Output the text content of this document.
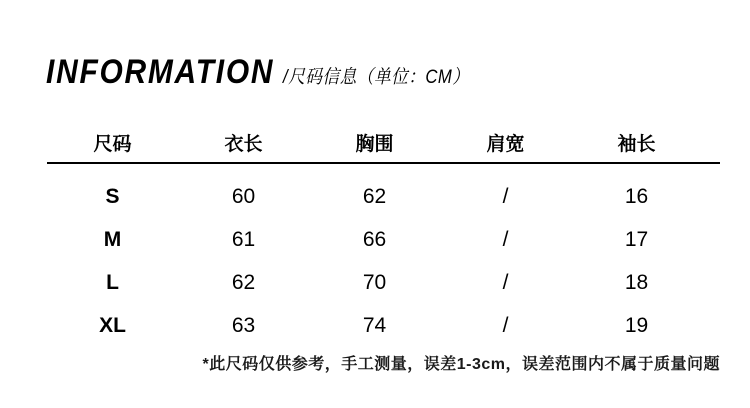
INFORMATION /尺码信息（单位：CM）
尺码	衣长	胸围	肩宽	袖长
S	60	62	/	16
M	61	66	/	17
L	62	70	/	18
XL	63	74	/	19

*此尺码仅供参考，手工测量，误差1-3cm，误差范围内不属于质量问题
